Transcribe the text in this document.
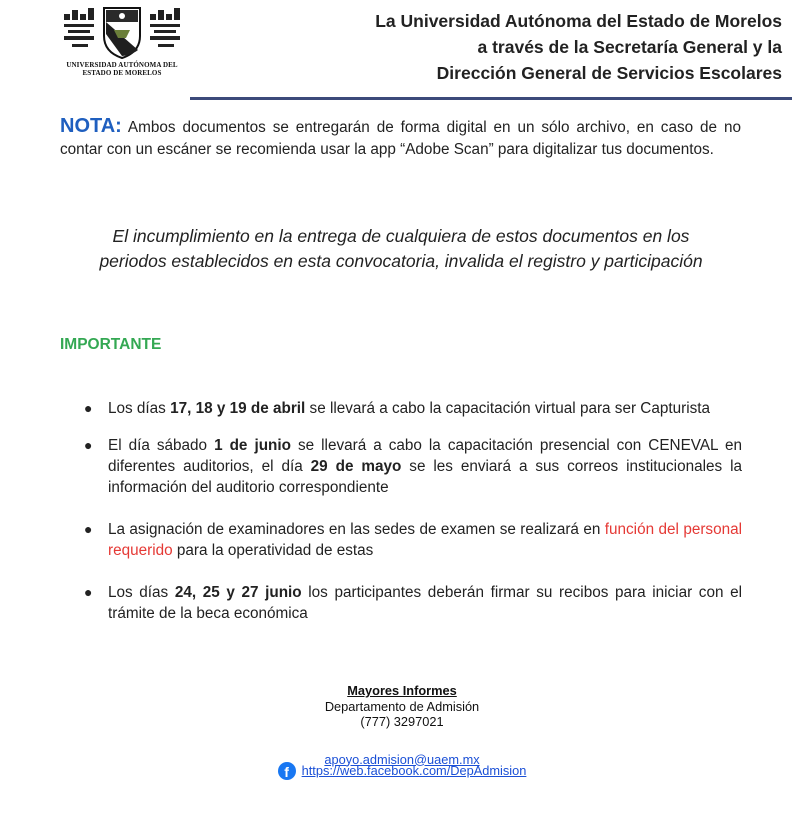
UNIVERSIDAD AUTÓNOMA DEL
ESTADO DE MORELOS
La Universidad Autónoma del Estado de Morelos
a través de la Secretaría General y la
Dirección General de Servicios Escolares
NOTA: Ambos documentos se entregarán de forma digital en un sólo archivo, en caso de no contar con un escáner se recomienda usar la app “Adobe Scan” para digitalizar tus documentos.
El incumplimiento en la entrega de cualquiera de estos documentos en los
periodos establecidos en esta convocatoria, invalida el registro y participación
IMPORTANTE
● Los días 17, 18 y 19 de abril se llevará a cabo la capacitación virtual para ser Capturista
● El día sábado 1 de junio se llevará a cabo la capacitación presencial con CENEVAL en diferentes auditorios, el día 29 de mayo se les enviará a sus correos institucionales la información del auditorio correspondiente
● La asignación de examinadores en las sedes de examen se realizará en función del personal requerido para la operatividad de estas
● Los días 24, 25 y 27 junio los participantes deberán firmar su recibos para iniciar con el trámite de la beca económica
Mayores Informes
Departamento de Admisión
(777) 3297021
apoyo.admision@uaem.mx
f https://web.facebook.com/DepAdmision
